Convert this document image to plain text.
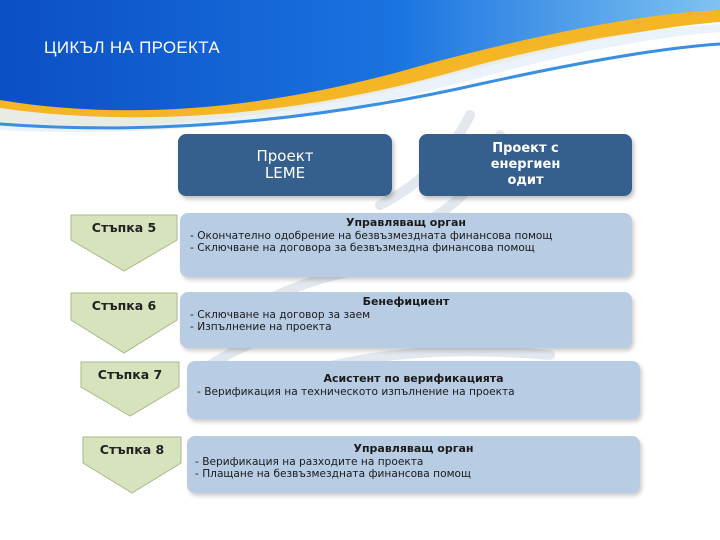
ЦИКЪЛ НА ПРОЕКТА
Проект
LEME
Проект с
енергиен
одит
Стъпка 5	Управляващ орган
- Окончателно одобрение на безвъзмездната финансова помощ
- Сключване на договора за безвъзмездна финансова помощ
Стъпка 6	Бенефициент
- Сключване на договор за заем
- Изпълнение на проекта
Стъпка 7	Асистент по верификацията
- Верификация на техническото изпълнение на проекта
Стъпка 8	Управляващ орган
- Верификация на разходите на проекта
- Плащане на безвъзмездната финансова помощ
